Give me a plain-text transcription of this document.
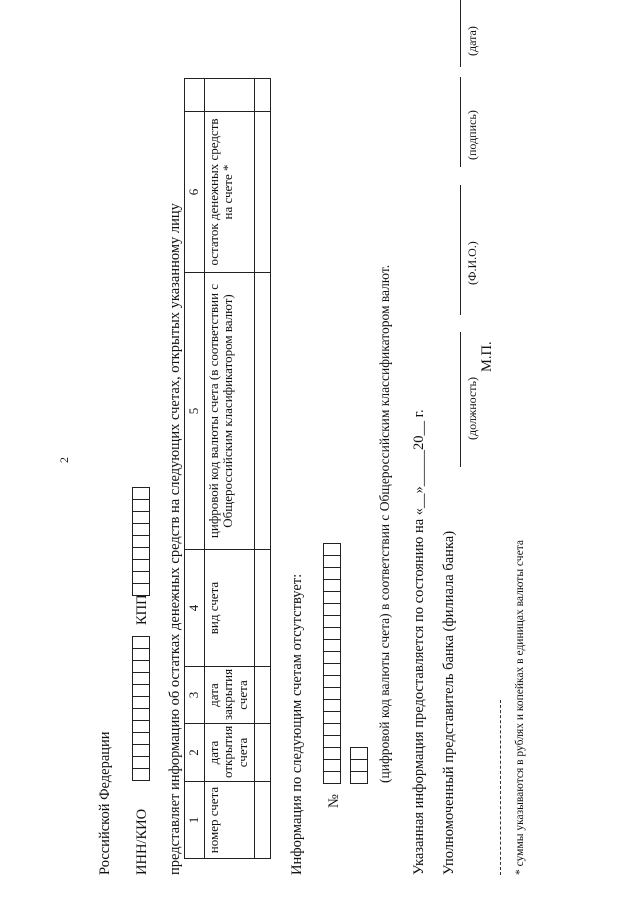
2
Российской Федерации ИНН/КИО
КПП представляет информацию об остатках денежных средств на следующих счетах, открытых указанному лицу 1	2	3	4	5	6	
номер счета	дата открытия счета	дата закрытия счета	вид счета	цифровой код валюты счета (в соответствии с Общероссийским класификатором валют)	остаток денежных средств на счете *	

Информация по следующим счетам отсутствует: №
(цифровой код валюты счета) в соответствии с Общероссийским классификатором валют. Указанная информация предоставляется по состоянию на «__»_____20__ г. Уполномоченный представитель банка (филиала банка)
(должность)
(Ф.И.О.)
(подпись)
(дата)
М.П.
* суммы указываются в рублях и копейках в единицах валюты счета
